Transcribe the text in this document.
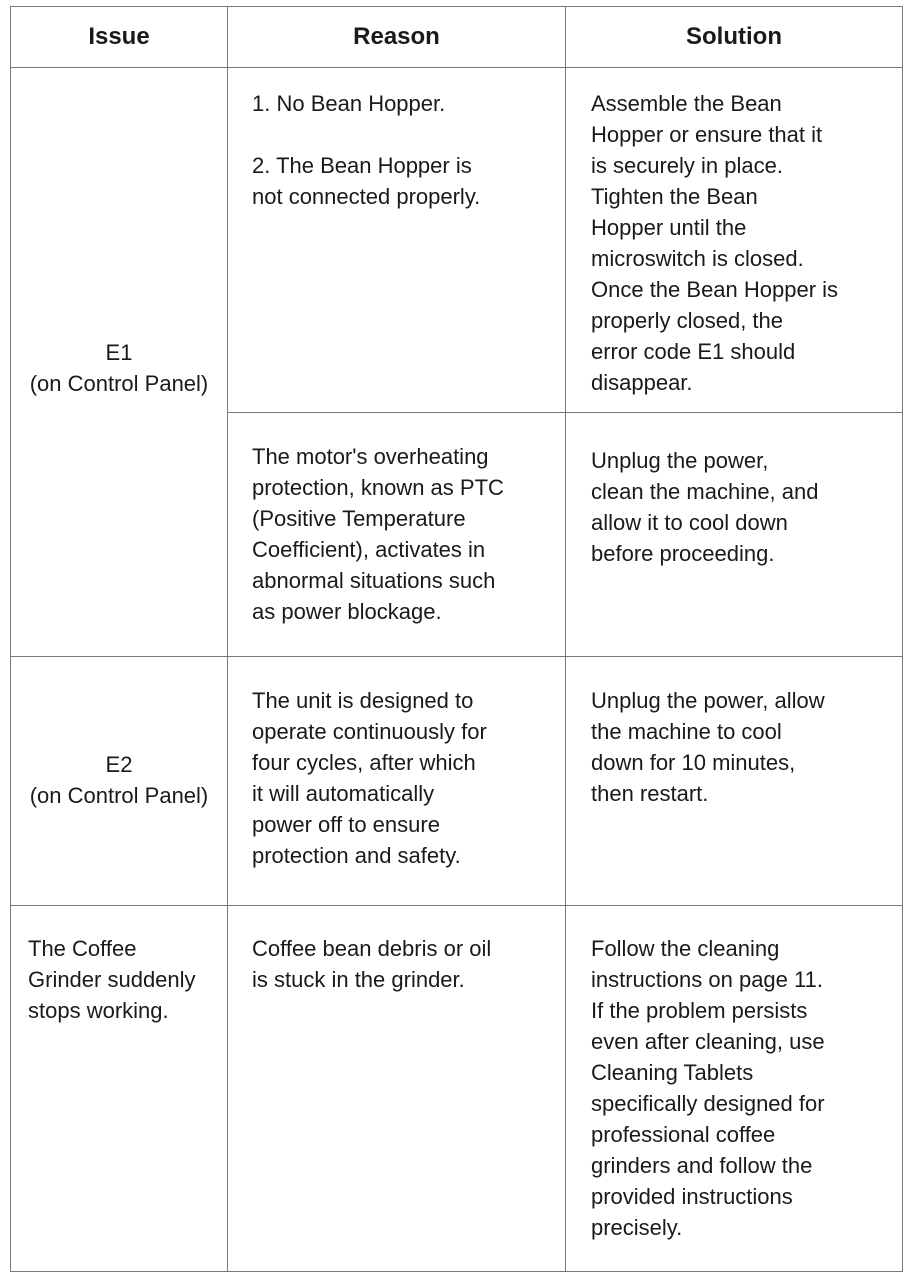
Issue	Reason	Solution
E1
(on Control Panel)
1. No Bean Hopper.

2. The Bean Hopper is
not connected properly.
Assemble the Bean
Hopper or ensure that it
is securely in place.
Tighten the Bean
Hopper until the
microswitch is closed.
Once the Bean Hopper is
properly closed, the
error code E1 should
disappear.
The motor's overheating
protection, known as PTC
(Positive Temperature
Coefficient), activates in
abnormal situations such
as power blockage.
Unplug the power,
clean the machine, and
allow it to cool down
before proceeding.
E2
(on Control Panel)
The unit is designed to
operate continuously for
four cycles, after which
it will automatically
power off to ensure
protection and safety.
Unplug the power, allow
the machine to cool
down for 10 minutes,
then restart.
The Coffee
Grinder suddenly
stops working.
Coffee bean debris or oil
is stuck in the grinder.
Follow the cleaning
instructions on page 11.
If the problem persists
even after cleaning, use
Cleaning Tablets
specifically designed for
professional coffee
grinders and follow the
provided instructions
precisely.
